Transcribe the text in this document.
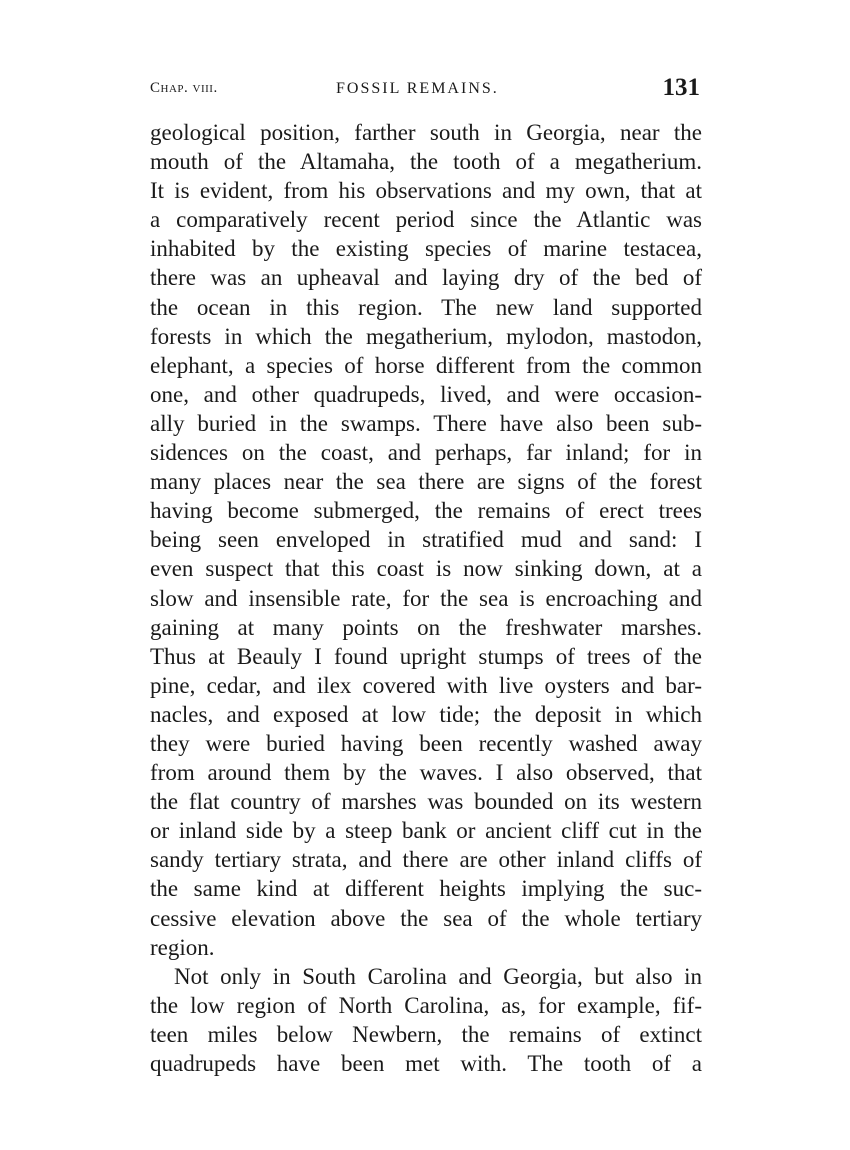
Chap. viii.	FOSSIL REMAINS.	131
geological position, farther south in Georgia, near the
mouth of the Altamaha, the tooth of a megatherium.
It is evident, from his observations and my own, that at
a comparatively recent period since the Atlantic was
inhabited by the existing species of marine testacea,
there was an upheaval and laying dry of the bed of
the ocean in this region. The new land supported
forests in which the megatherium, mylodon, mastodon,
elephant, a species of horse different from the common
one, and other quadrupeds, lived, and were occasion-
ally buried in the swamps. There have also been sub-
sidences on the coast, and perhaps, far inland; for in
many places near the sea there are signs of the forest
having become submerged, the remains of erect trees
being seen enveloped in stratified mud and sand: I
even suspect that this coast is now sinking down, at a
slow and insensible rate, for the sea is encroaching and
gaining at many points on the freshwater marshes.
Thus at Beauly I found upright stumps of trees of the
pine, cedar, and ilex covered with live oysters and bar-
nacles, and exposed at low tide; the deposit in which
they were buried having been recently washed away
from around them by the waves. I also observed, that
the flat country of marshes was bounded on its western
or inland side by a steep bank or ancient cliff cut in the
sandy tertiary strata, and there are other inland cliffs of
the same kind at different heights implying the suc-
cessive elevation above the sea of the whole tertiary
region.
Not only in South Carolina and Georgia, but also in
the low region of North Carolina, as, for example, fif-
teen miles below Newbern, the remains of extinct
quadrupeds have been met with. The tooth of a
